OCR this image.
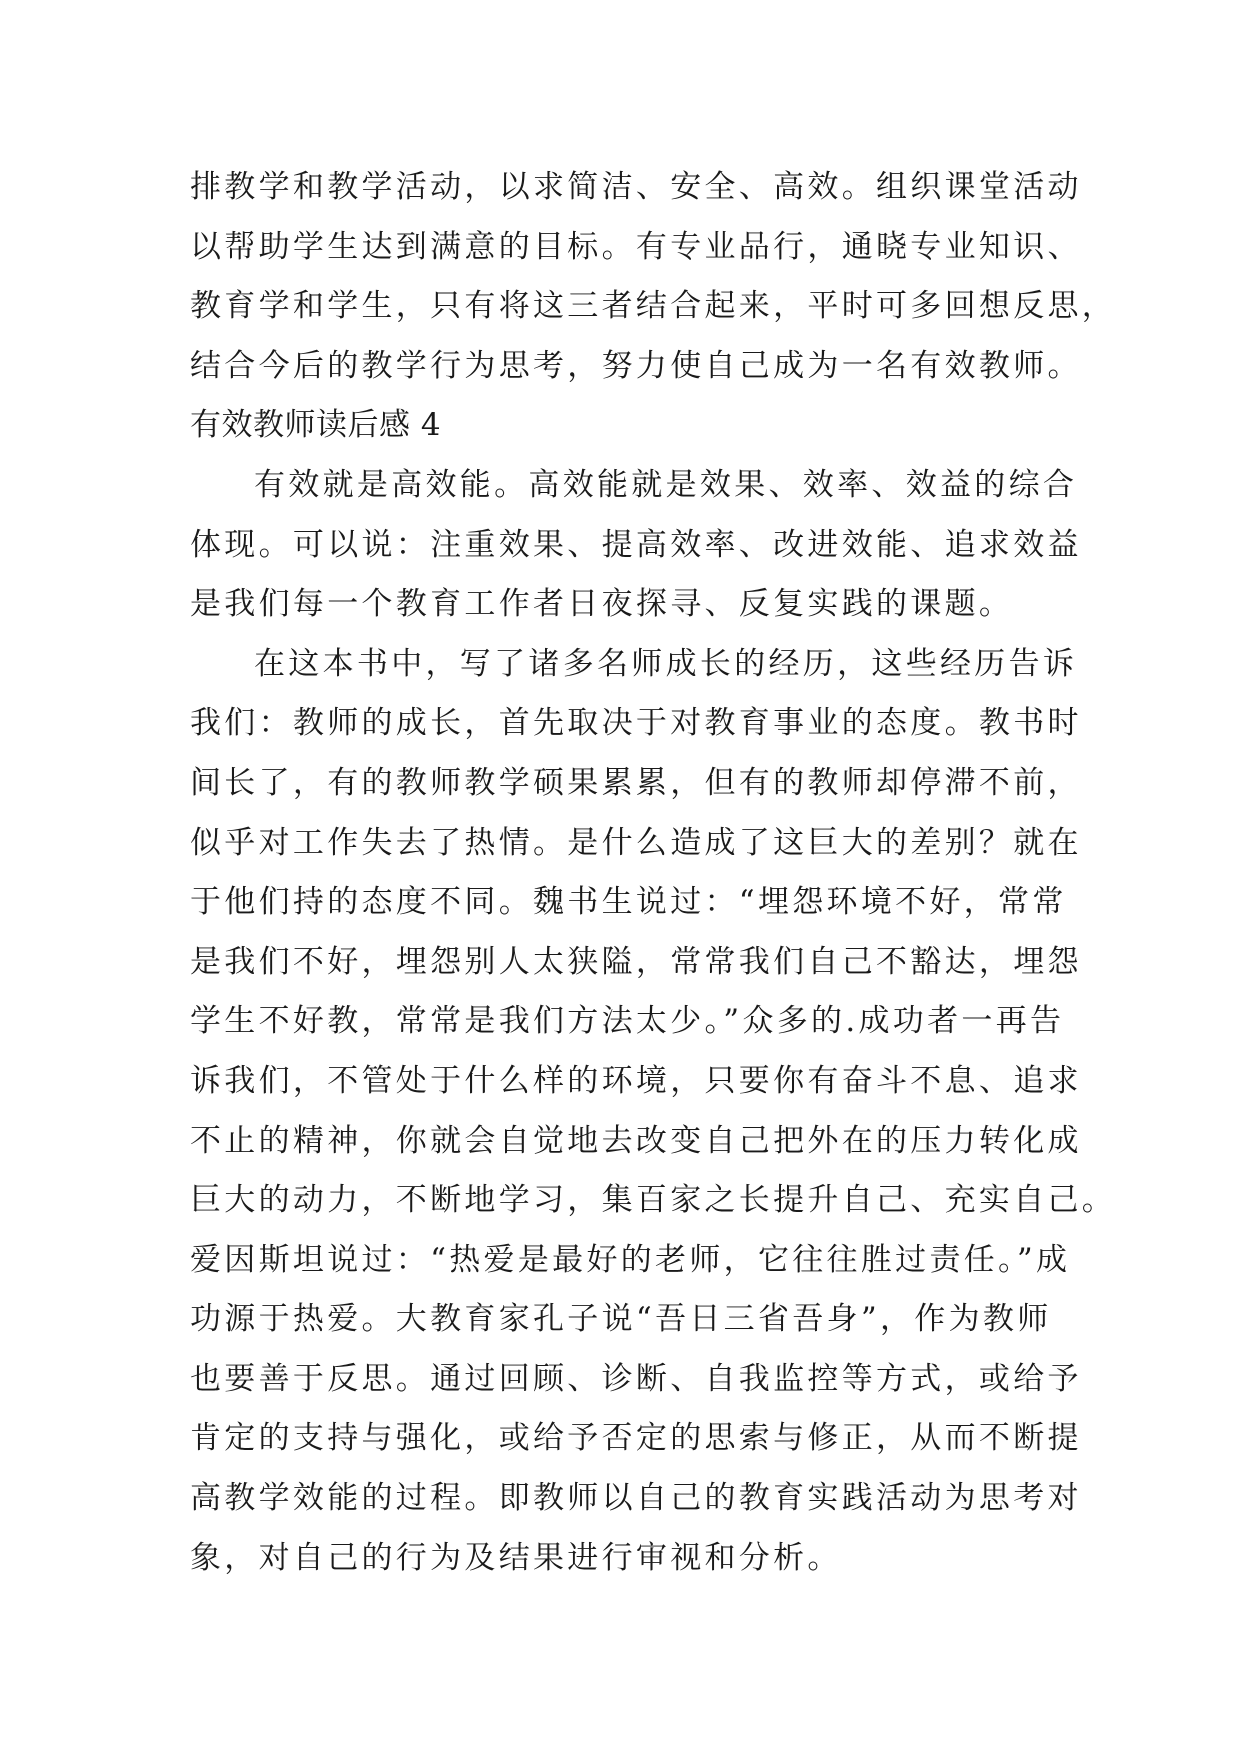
排教学和教学活动，以求简洁、安全、高效。组织课堂活动
以帮助学生达到满意的目标。有专业品行，通晓专业知识、
教育学和学生，只有将这三者结合起来，平时可多回想反思，
结合今后的教学行为思考，努力使自己成为一名有效教师。
有效教师读后感 4
有效就是高效能。高效能就是效果、效率、效益的综合
体现。可以说：注重效果、提高效率、改进效能、追求效益
是我们每一个教育工作者日夜探寻、反复实践的课题。
在这本书中，写了诸多名师成长的经历，这些经历告诉
我们：教师的成长，首先取决于对教育事业的态度。教书时
间长了，有的教师教学硕果累累，但有的教师却停滞不前，
似乎对工作失去了热情。是什么造成了这巨大的差别？就在
于他们持的态度不同。魏书生说过：“埋怨环境不好，常常
是我们不好，埋怨别人太狭隘，常常我们自己不豁达，埋怨
学生不好教，常常是我们方法太少。”众多的.成功者一再告
诉我们，不管处于什么样的环境，只要你有奋斗不息、追求
不止的精神，你就会自觉地去改变自己把外在的压力转化成
巨大的动力，不断地学习，集百家之长提升自己、充实自己。
爱因斯坦说过：“热爱是最好的老师，它往往胜过责任。”成
功源于热爱。大教育家孔子说“吾日三省吾身”，作为教师
也要善于反思。通过回顾、诊断、自我监控等方式，或给予
肯定的支持与强化，或给予否定的思索与修正，从而不断提
高教学效能的过程。即教师以自己的教育实践活动为思考对
象，对自己的行为及结果进行审视和分析。
